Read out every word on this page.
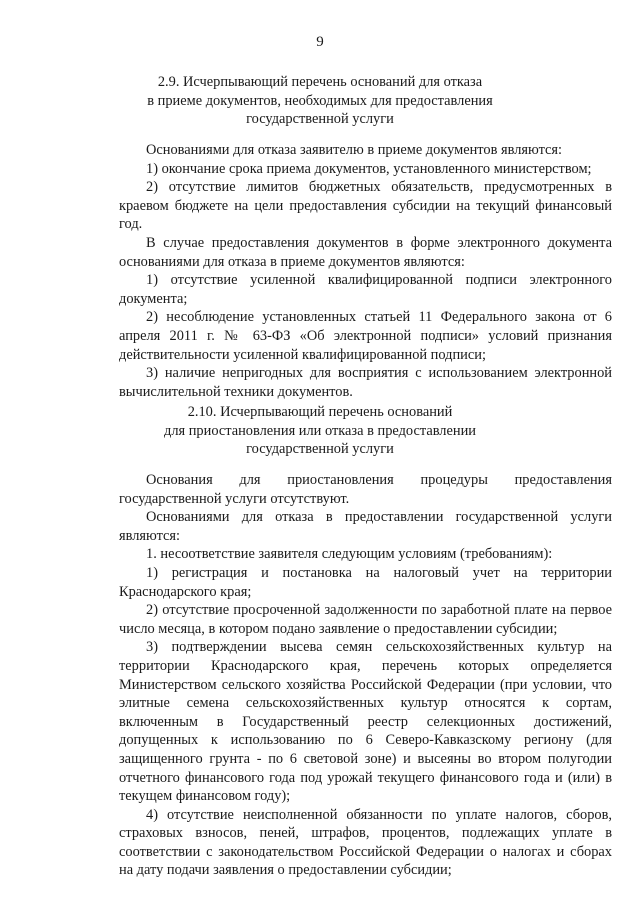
9
2.9. Исчерпывающий перечень оснований для отказа
в приеме документов, необходимых для предоставления
государственной услуги

Основаниями для отказа заявителю в приеме документов являются:

1) окончание срока приема документов, установленного министерством;

2) отсутствие лимитов бюджетных обязательств, предусмотренных в краевом бюджете на цели предоставления субсидии на текущий финансовый год.

В случае предоставления документов в форме электронного документа основаниями для отказа в приеме документов являются:

1) отсутствие усиленной квалифицированной подписи электронного документа;

2) несоблюдение установленных статьей 11 Федерального закона от 6 апреля 2011 г. № 63-ФЗ «Об электронной подписи» условий признания действительности усиленной квалифицированной подписи;

3) наличие непригодных для восприятия с использованием электронной вычислительной техники документов.

2.10. Исчерпывающий перечень оснований
для приостановления или отказа в предоставлении
государственной услуги

Основания для приостановления процедуры предоставления государственной услуги отсутствуют.

Основаниями для отказа в предоставлении государственной услуги являются:

1. несоответствие заявителя следующим условиям (требованиям):

1) регистрация и постановка на налоговый учет на территории Краснодарского края;

2) отсутствие просроченной задолженности по заработной плате на первое число месяца, в котором подано заявление о предоставлении субсидии;

3) подтверждении высева семян сельскохозяйственных культур на территории Краснодарского края, перечень которых определяется Министерством сельского хозяйства Российской Федерации (при условии, что элитные семена сельскохозяйственных культур относятся к сортам, включенным в Государственный реестр селекционных достижений, допущенных к использованию по 6 Северо-Кавказскому региону (для защищенного грунта - по 6 световой зоне) и высеяны во втором полугодии отчетного финансового года под урожай текущего финансового года и (или) в текущем финансовом году);

4) отсутствие неисполненной обязанности по уплате налогов, сборов, страховых взносов, пеней, штрафов, процентов, подлежащих уплате в соответствии с законодательством Российской Федерации о налогах и сборах на дату подачи заявления о предоставлении субсидии;
